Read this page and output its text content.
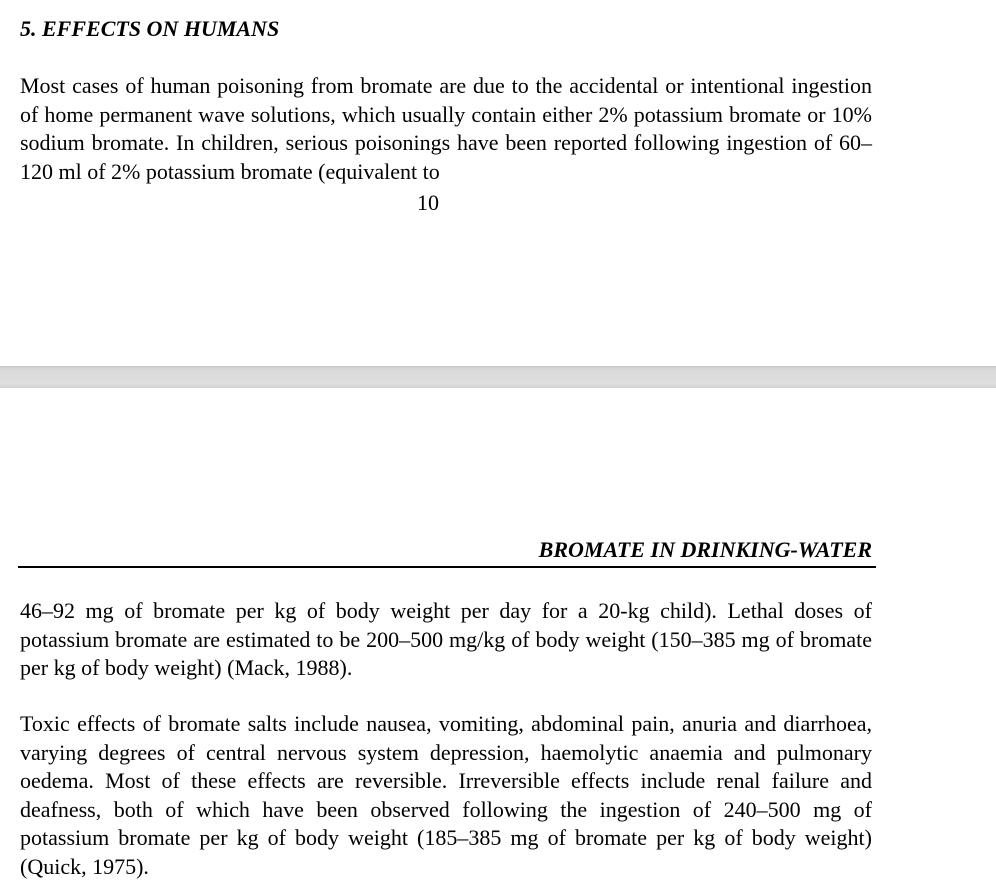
5. EFFECTS ON HUMANS

Most cases of human poisoning from bromate are due to the accidental or intentional ingestion of home permanent wave solutions, which usually contain either 2% potassium bromate or 10% sodium bromate. In children, serious poisonings have been reported following ingestion of 60–120 ml of 2% potassium bromate (equivalent to

10
BROMATE IN DRINKING-WATER

46–92 mg of bromate per kg of body weight per day for a 20-kg child). Lethal doses of potassium bromate are estimated to be 200–500 mg/kg of body weight (150–385 mg of bromate per kg of body weight) (Mack, 1988).

Toxic effects of bromate salts include nausea, vomiting, abdominal pain, anuria and diarrhoea, varying degrees of central nervous system depression, haemolytic anaemia and pulmonary oedema. Most of these effects are reversible. Irreversible effects include renal failure and deafness, both of which have been observed following the ingestion of 240–500 mg of potassium bromate per kg of body weight (185–385 mg of bromate per kg of body weight) (Quick, 1975).
